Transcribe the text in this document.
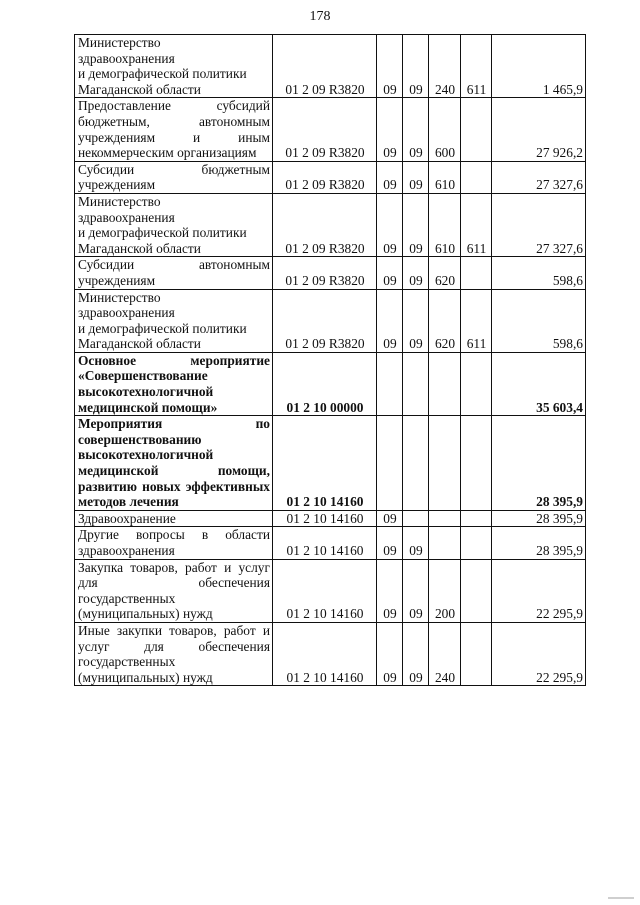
178
Министерство
здравоохранения
и демографической политики
Магаданской области	01 2 09 R3820	09	09	240	611	1 465,9
Предоставление субсидий бюджетным, автономным учреждениям и иным некоммерческим организациям	01 2 09 R3820	09	09	600		27 926,2
Субсидии бюджетным учреждениям	01 2 09 R3820	09	09	610		27 327,6
Министерство
здравоохранения
и демографической политики
Магаданской области	01 2 09 R3820	09	09	610	611	27 327,6
Субсидии автономным учреждениям	01 2 09 R3820	09	09	620		598,6
Министерство
здравоохранения
и демографической политики
Магаданской области	01 2 09 R3820	09	09	620	611	598,6
Основное мероприятие «Совершенствование высокотехнологичной медицинской помощи»	01 2 10 00000					35 603,4
Мероприятия по совершенствованию высокотехнологичной медицинской помощи, развитию новых эффективных методов лечения	01 2 10 14160					28 395,9
Здравоохранение	01 2 10 14160	09				28 395,9
Другие вопросы в области здравоохранения	01 2 10 14160	09	09			28 395,9
Закупка товаров, работ и услуг для обеспечения государственных (муниципальных) нужд	01 2 10 14160	09	09	200		22 295,9
Иные закупки товаров, работ и услуг для обеспечения государственных (муниципальных) нужд	01 2 10 14160	09	09	240		22 295,9
